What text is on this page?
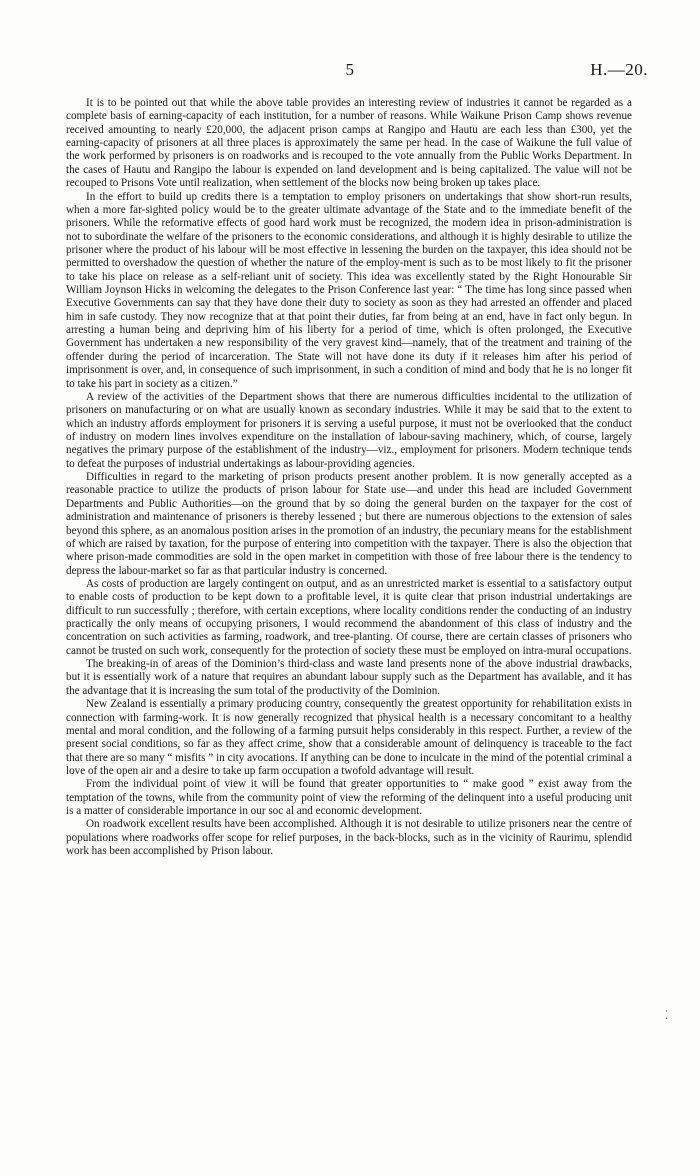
5	H.—20.

It is to be pointed out that while the above table provides an interesting review of industries it cannot be regarded as a complete basis of earning-capacity of each institution, for a number of reasons. While Waikune Prison Camp shows revenue received amounting to nearly £20,000, the adjacent prison camps at Rangipo and Hautu are each less than £300, yet the earning-capacity of prisoners at all three places is approximately the same per head. In the case of Waikune the full value of the work performed by prisoners is on roadworks and is recouped to the vote annually from the Public Works Department. In the cases of Hautu and Rangipo the labour is expended on land development and is being capitalized. The value will not be recouped to Prisons Vote until realization, when settlement of the blocks now being broken up takes place.

In the effort to build up credits there is a temptation to employ prisoners on undertakings that show short-run results, when a more far-sighted policy would be to the greater ultimate advantage of the State and to the immediate benefit of the prisoners. While the reformative effects of good hard work must be recognized, the modern idea in prison-administration is not to subordinate the welfare of the prisoners to the economic considerations, and although it is highly desirable to utilize the prisoner where the product of his labour will be most effective in lessening the burden on the taxpayer, this idea should not be permitted to overshadow the question of whether the nature of the employ-ment is such as to be most likely to fit the prisoner to take his place on release as a self-reliant unit of society. This idea was excellently stated by the Right Honourable Sir William Joynson Hicks in welcoming the delegates to the Prison Conference last year: “ The time has long since passed when Executive Governments can say that they have done their duty to society as soon as they had arrested an offender and placed him in safe custody. They now recognize that at that point their duties, far from being at an end, have in fact only begun. In arresting a human being and depriving him of his liberty for a period of time, which is often prolonged, the Executive Government has undertaken a new responsibility of the very gravest kind—namely, that of the treatment and training of the offender during the period of incarceration. The State will not have done its duty if it releases him after his period of imprisonment is over, and, in consequence of such imprisonment, in such a condition of mind and body that he is no longer fit to take his part in society as a citizen.”

A review of the activities of the Department shows that there are numerous difficulties incidental to the utilization of prisoners on manufacturing or on what are usually known as secondary industries. While it may be said that to the extent to which an industry affords employment for prisoners it is serving a useful purpose, it must not be overlooked that the conduct of industry on modern lines involves expenditure on the installation of labour-saving machinery, which, of course, largely negatives the primary purpose of the establishment of the industry—viz., employment for prisoners. Modern technique tends to defeat the purposes of industrial undertakings as labour-providing agencies.

Difficulties in regard to the marketing of prison products present another problem. It is now generally accepted as a reasonable practice to utilize the products of prison labour for State use—and under this head are included Government Departments and Public Authorities—on the ground that by so doing the general burden on the taxpayer for the cost of administration and maintenance of prisoners is thereby lessened ; but there are numerous objections to the extension of sales beyond this sphere, as an anomalous position arises in the promotion of an industry, the pecuniary means for the establishment of which are raised by taxation, for the purpose of entering into competition with the taxpayer. There is also the objection that where prison-made commodities are sold in the open market in competition with those of free labour there is the tendency to depress the labour-market so far as that particular industry is concerned.

As costs of production are largely contingent on output, and as an unrestricted market is essential to a satisfactory output to enable costs of production to be kept down to a profitable level, it is quite clear that prison industrial undertakings are difficult to run successfully ; therefore, with certain exceptions, where locality conditions render the conducting of an industry practically the only means of occupying prisoners, I would recommend the abandonment of this class of industry and the concentration on such activities as farming, roadwork, and tree-planting. Of course, there are certain classes of prisoners who cannot be trusted on such work, consequently for the protection of society these must be employed on intra-mural occupations.

The breaking-in of areas of the Dominion’s third-class and waste land presents none of the above industrial drawbacks, but it is essentially work of a nature that requires an abundant labour supply such as the Department has available, and it has the advantage that it is increasing the sum total of the productivity of the Dominion.

New Zealand is essentially a primary producing country, consequently the greatest opportunity for rehabilitation exists in connection with farming-work. It is now generally recognized that physical health is a necessary concomitant to a healthy mental and moral condition, and the following of a farming pursuit helps considerably in this respect. Further, a review of the present social conditions, so far as they affect crime, show that a considerable amount of delinquency is traceable to the fact that there are so many “ misfits ” in city avocations. If anything can be done to inculcate in the mind of the potential criminal a love of the open air and a desire to take up farm occupation a twofold advantage will result.

From the individual point of view it will be found that greater opportunities to “ make good ” exist away from the temptation of the towns, while from the community point of view the reforming of the delinquent into a useful producing unit is a matter of considerable importance in our soc al and economic development.

On roadwork excellent results have been accomplished. Although it is not desirable to utilize prisoners near the centre of populations where roadworks offer scope for relief purposes, in the back-blocks, such as in the vicinity of Raurimu, splendid work has been accomplished by Prison labour.

·
‘
